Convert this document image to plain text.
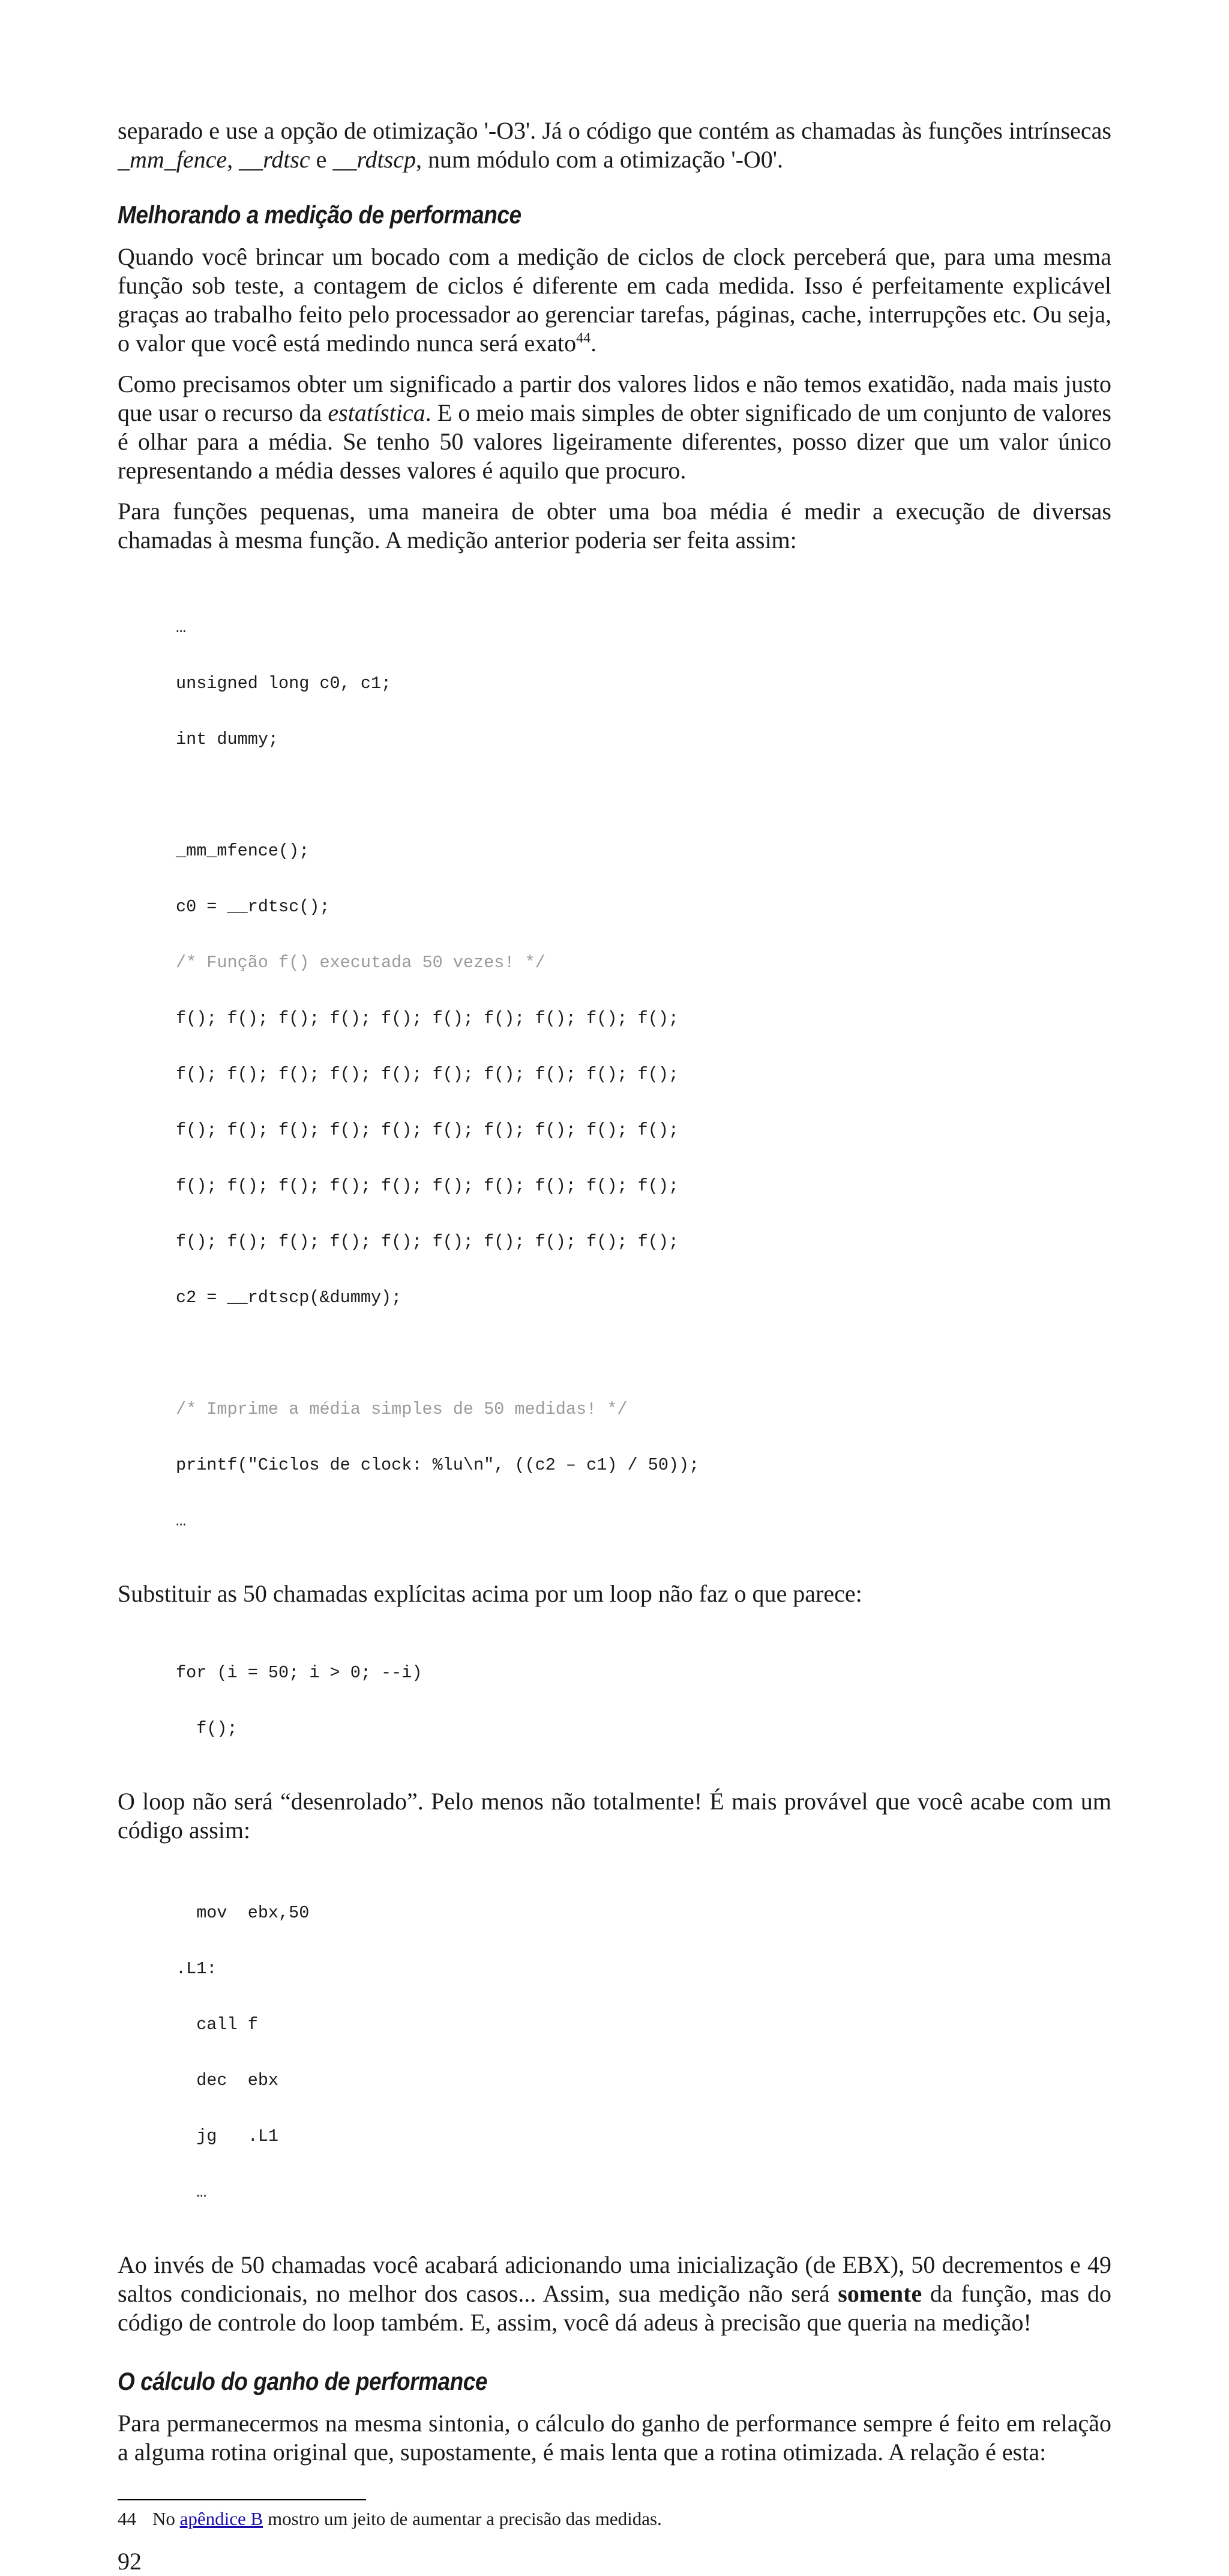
separado e use a opção de otimização '-O3'. Já o código que contém as chamadas às funções intrínsecas _mm_fence, __rdtsc e __rdtscp, num módulo com a otimização '-O0'.

Melhorando a medição de performance

Quando você brincar um bocado com a medição de ciclos de clock perceberá que, para uma mesma função sob teste, a contagem de ciclos é diferente em cada medida. Isso é perfeitamente explicável graças ao trabalho feito pelo processador ao gerenciar tarefas, páginas, cache, interrupções etc. Ou seja, o valor que você está medindo nunca será exato$^{44}$.

Como precisamos obter um significado a partir dos valores lidos e não temos exatidão, nada mais justo que usar o recurso da estatística. E o meio mais simples de obter significado de um conjunto de valores é olhar para a média. Se tenho 50 valores ligeiramente diferentes, posso dizer que um valor único representando a média desses valores é aquilo que procuro.

Para funções pequenas, uma maneira de obter uma boa média é medir a execução de diversas chamadas à mesma função. A medição anterior poderia ser feita assim:

…

unsigned long c0, c1;

int dummy;

_mm_mfence();

c0 = __rdtsc();

/* Função f() executada 50 vezes! */

f(); f(); f(); f(); f(); f(); f(); f(); f(); f();

f(); f(); f(); f(); f(); f(); f(); f(); f(); f();

f(); f(); f(); f(); f(); f(); f(); f(); f(); f();

f(); f(); f(); f(); f(); f(); f(); f(); f(); f();

f(); f(); f(); f(); f(); f(); f(); f(); f(); f();

c2 = __rdtscp(&dummy);

/* Imprime a média simples de 50 medidas! */

printf("Ciclos de clock: %lu\n", ((c2 – c1) / 50));

…

Substituir as 50 chamadas explícitas acima por um loop não faz o que parece:

for (i = 50; i > 0; --i)

f();

O loop não será “desenrolado”. Pelo menos não totalmente! É mais provável que você acabe com um código assim:

mov  ebx,50

.L1:

call f

dec  ebx

jg   .L1

…

Ao invés de 50 chamadas você acabará adicionando uma inicialização (de EBX), 50 decrementos e 49 saltos condicionais, no melhor dos casos... Assim, sua medição não será somente da função, mas do código de controle do loop também. E, assim, você dá adeus à precisão que queria na medição!

O cálculo do ganho de performance

Para permanecermos na mesma sintonia, o cálculo do ganho de performance sempre é feito em relação a alguma rotina original que, supostamente, é mais lenta que a rotina otimizada. A relação é esta:

44 No apêndice B mostro um jeito de aumentar a precisão das medidas.
92
